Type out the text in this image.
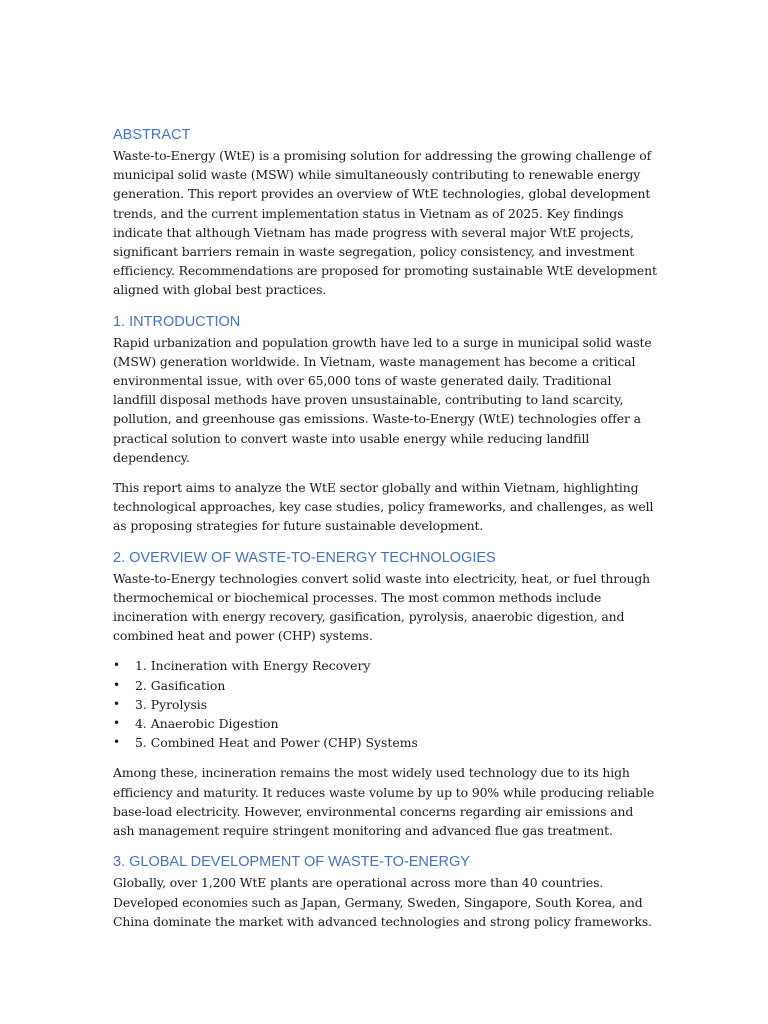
ABSTRACT

Waste-to-Energy (WtE) is a promising solution for addressing the growing challenge of municipal solid waste (MSW) while simultaneously contributing to renewable energy generation. This report provides an overview of WtE technologies, global development trends, and the current implementation status in Vietnam as of 2025. Key findings indicate that although Vietnam has made progress with several major WtE projects, significant barriers remain in waste segregation, policy consistency, and investment efficiency. Recommendations are proposed for promoting sustainable WtE development aligned with global best practices.

1. INTRODUCTION

Rapid urbanization and population growth have led to a surge in municipal solid waste (MSW) generation worldwide. In Vietnam, waste management has become a critical environmental issue, with over 65,000 tons of waste generated daily. Traditional landfill disposal methods have proven unsustainable, contributing to land scarcity, pollution, and greenhouse gas emissions. Waste-to-Energy (WtE) technologies offer a practical solution to convert waste into usable energy while reducing landfill dependency.

This report aims to analyze the WtE sector globally and within Vietnam, highlighting technological approaches, key case studies, policy frameworks, and challenges, as well as proposing strategies for future sustainable development.

2. OVERVIEW OF WASTE-TO-ENERGY TECHNOLOGIES

Waste-to-Energy technologies convert solid waste into electricity, heat, or fuel through thermochemical or biochemical processes. The most common methods include incineration with energy recovery, gasification, pyrolysis, anaerobic digestion, and combined heat and power (CHP) systems.

• 1. Incineration with Energy Recovery
• 2. Gasification
• 3. Pyrolysis
• 4. Anaerobic Digestion
• 5. Combined Heat and Power (CHP) Systems

Among these, incineration remains the most widely used technology due to its high efficiency and maturity. It reduces waste volume by up to 90% while producing reliable base-load electricity. However, environmental concerns regarding air emissions and ash management require stringent monitoring and advanced flue gas treatment.

3. GLOBAL DEVELOPMENT OF WASTE-TO-ENERGY

Globally, over 1,200 WtE plants are operational across more than 40 countries. Developed economies such as Japan, Germany, Sweden, Singapore, South Korea, and China dominate the market with advanced technologies and strong policy frameworks.
